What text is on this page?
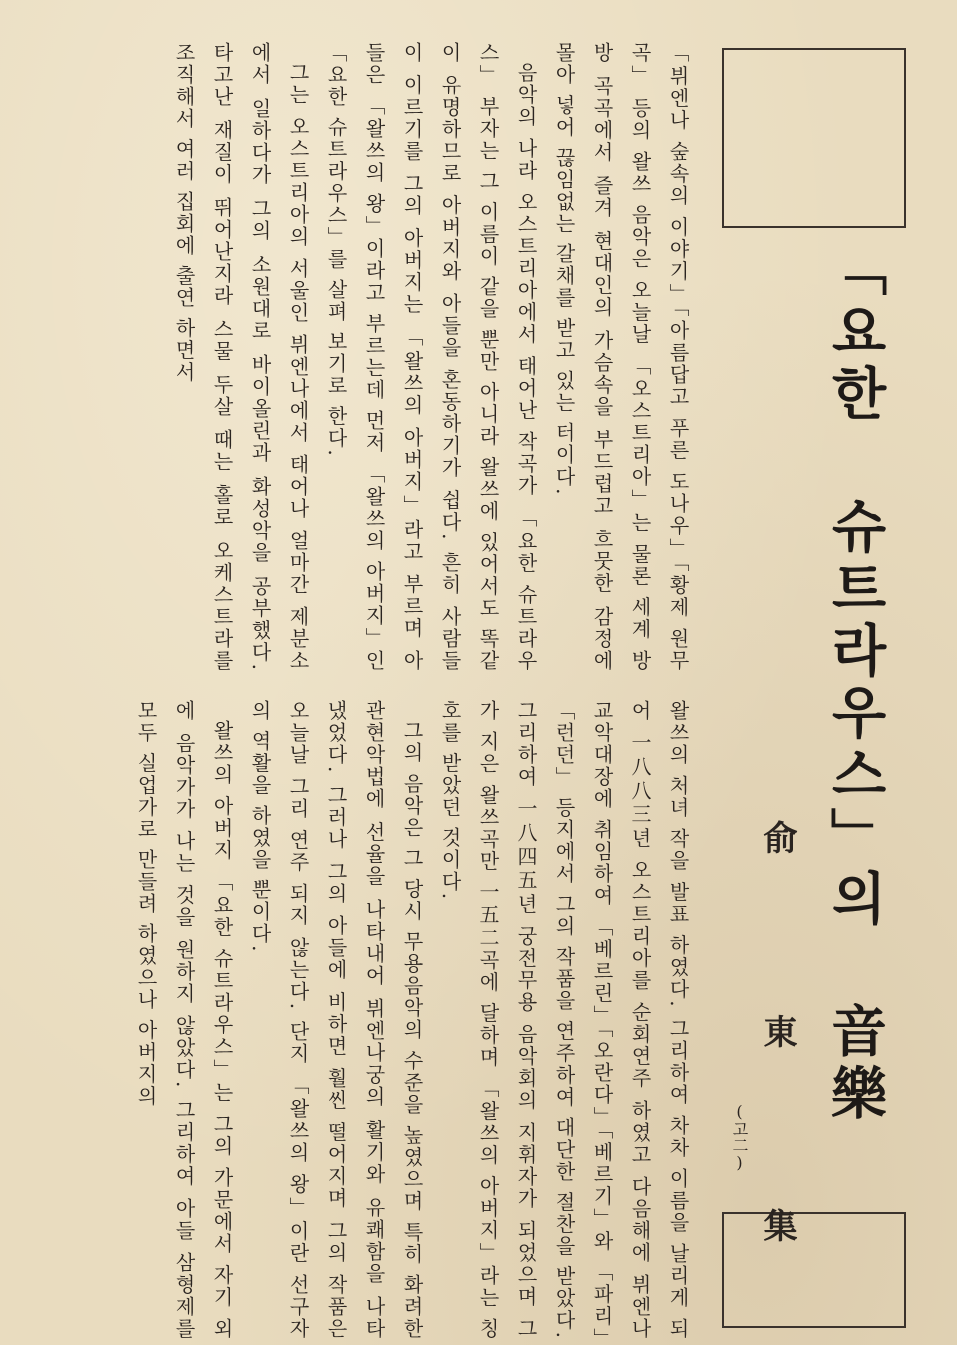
「요한 슈트라우스」의 音樂
俞 東 集
(고二)

「뷔엔나 숲속의 이야기」「아름답고 푸른 도나우」「황제 원무곡」 등의 왈쓰 음악은 오늘날 「오스트리아」는 물론 세계 방방 곡곡에서 즐겨 현대인의 가슴속을 부드럽고 흐뭇한 감정에 몰아 넣어 끊임없는 갈채를 받고 있는 터이다.

음악의 나라 오스트리아에서 태어난 작곡가 「요한 슈트라우스」 부자는 그 이름이 같을 뿐만 아니라 왈쓰에 있어서도 똑같이 유명하므로 아버지와 아들을 혼동하기가 쉽다. 흔히 사람들이 이르기를 그의 아버지는 「왈쓰의 아버지」라고 부르며 아들은 「왈쓰의 왕」이라고 부르는데 먼저 「왈쓰의 아버지」인 「요한 슈트라우스」를 살펴 보기로 한다.

그는 오스트리아의 서울인 뷔엔나에서 태어나 얼마간 제분소에서 일하다가 그의 소원대로 바이올린과 화성악을 공부했다. 타고난 재질이 뛰어난지라 스물 두살 때는 홀로 오케스트라를 조직해서 여러 집회에 출연 하면서

왈쓰의 처녀 작을 발표 하였다. 그리하여 차차 이름을 날리게 되어 一八八三년 오스트리아를 순회연주 하였고 다음해에 뷔엔나 교악대장에 취임하여 「베르린」「오란다」「베르기」와 「파리」「런던」 등지에서 그의 작품을 연주하여 대단한 절찬을 받았다. 그리하여 一八四五년 궁전무용 음악회의 지휘자가 되었으며 그가 지은 왈쓰곡만 一五二곡에 달하며 「왈쓰의 아버지」라는 칭호를 받았던 것이다.

그의 음악은 그 당시 무용음악의 수준을 높였으며 특히 화려한 관현악법에 선율을 나타내어 뷔엔나궁의 활기와 유쾌함을 나타냈었다. 그러나 그의 아들에 비하면 훨씬 떨어지며 그의 작품은 오늘날 그리 연주 되지 않는다. 단지 「왈쓰의 왕」이란 선구자의 역활을 하였을 뿐이다.

왈쓰의 아버지 「요한 슈트라우스」는 그의 가문에서 자기 외에 음악가가 나는 것을 원하지 않았다. 그리하여 아들 삼형제를 모두 실업가로 만들려 하였으나 아버지의
